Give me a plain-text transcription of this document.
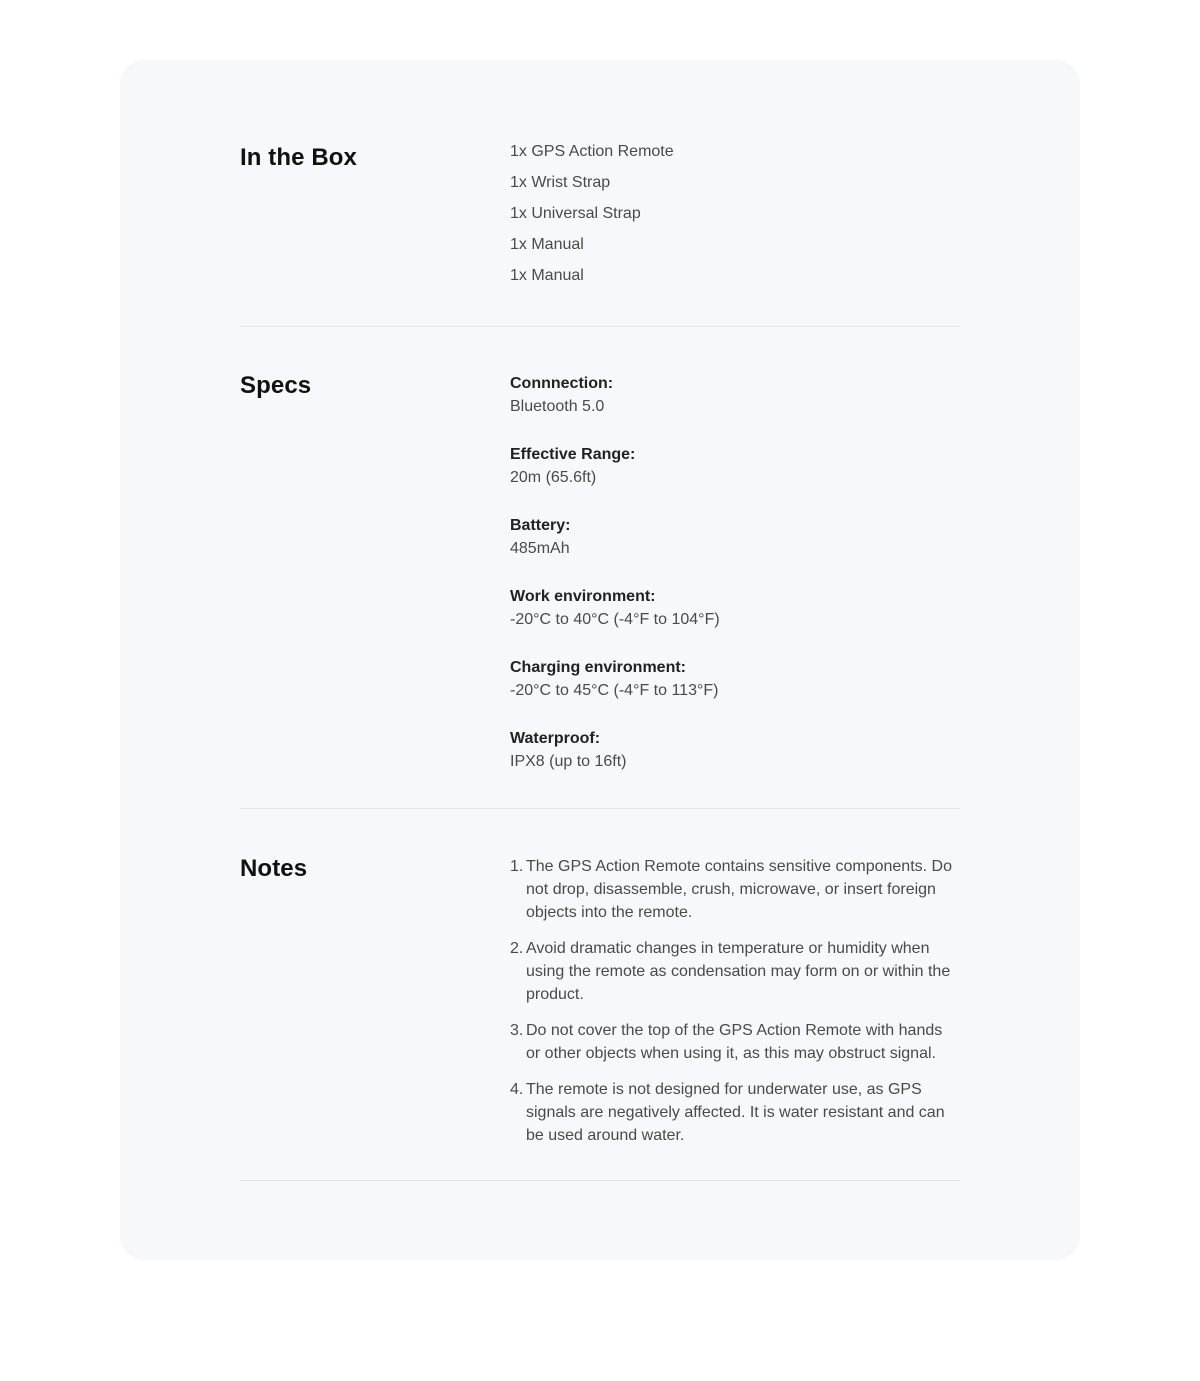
In the Box	1x GPS Action Remote
1x Wrist Strap
1x Universal Strap
1x Manual
1x Manual
Specs	Connnection:
Bluetooth 5.0
Effective Range:
20m (65.6ft)
Battery:
485mAh
Work environment:
-20°C to 40°C (-4°F to 104°F)
Charging environment:
-20°C to 45°C (-4°F to 113°F)
Waterproof:
IPX8 (up to 16ft)
Notes	1. The GPS Action Remote contains sensitive components. Do not drop, disassemble, crush, microwave, or insert foreign objects into the remote.
2. Avoid dramatic changes in temperature or humidity when using the remote as condensation may form on or within the product.
3. Do not cover the top of the GPS Action Remote with hands or other objects when using it, as this may obstruct signal.
4. The remote is not designed for underwater use, as GPS signals are negatively affected. It is water resistant and can be used around water.
